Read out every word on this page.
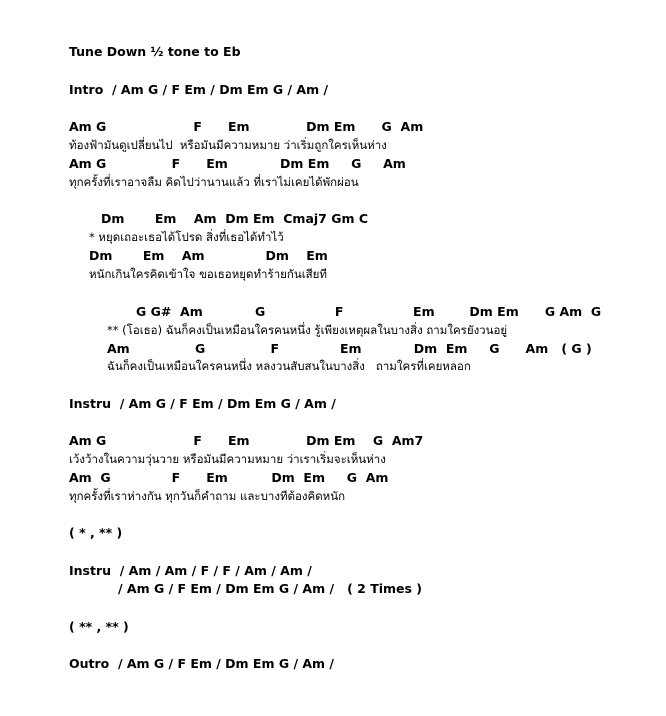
Tune Down ½ tone to Eb
Intro  / Am G / F Em / Dm Em G / Am /
Am G                    F      Em             Dm Em      G  Am
ท้องฟ้ามันดูเปลี่ยนไป  หรือมันมีความหมาย ว่าเริ่มถูกใครเห็นห่าง
Am G               F      Em            Dm Em     G     Am
ทุกครั้งที่เราอาจลืม คิดไปว่านานแล้ว ที่เราไม่เคยได้พักผ่อน
Dm       Em    Am  Dm Em  Cmaj7 Gm C
* หยุดเถอะเธอได้โปรด สิ่งที่เธอได้ทำไว้
Dm       Em    Am              Dm    Em
หนักเกินใครคิดเข้าใจ ขอเธอหยุดทำร้ายกันเสียที
G G#  Am            G                F                Em        Dm Em      G Am  G
** (โอเธอ) ฉันก็คงเป็นเหมือนใครคนหนึ่ง รู้เพียงเหตุผลในบางสิ่ง ถามใครยังวนอยู่
Am               G               F              Em            Dm  Em     G      Am   ( G )
ฉันก็คงเป็นเหมือนใครคนหนึ่ง หลงวนสับสนในบางสิ่ง   ถามใครที่เคยหลอก
Instru  / Am G / F Em / Dm Em G / Am /
Am G                    F      Em             Dm Em    G  Am7
เว้งว้างในความวุ่นวาย หรือมันมีความหมาย ว่าเราเริ่มจะเห็นห่าง
Am  G              F      Em          Dm  Em     G  Am
ทุกครั้งที่เราห่างกัน ทุกวันก็คำถาม และบางทีต้องคิดหนัก
( * , ** )
Instru  / Am / Am / F / F / Am / Am /
/ Am G / F Em / Dm Em G / Am /   ( 2 Times )
( ** , ** )
Outro  / Am G / F Em / Dm Em G / Am /
